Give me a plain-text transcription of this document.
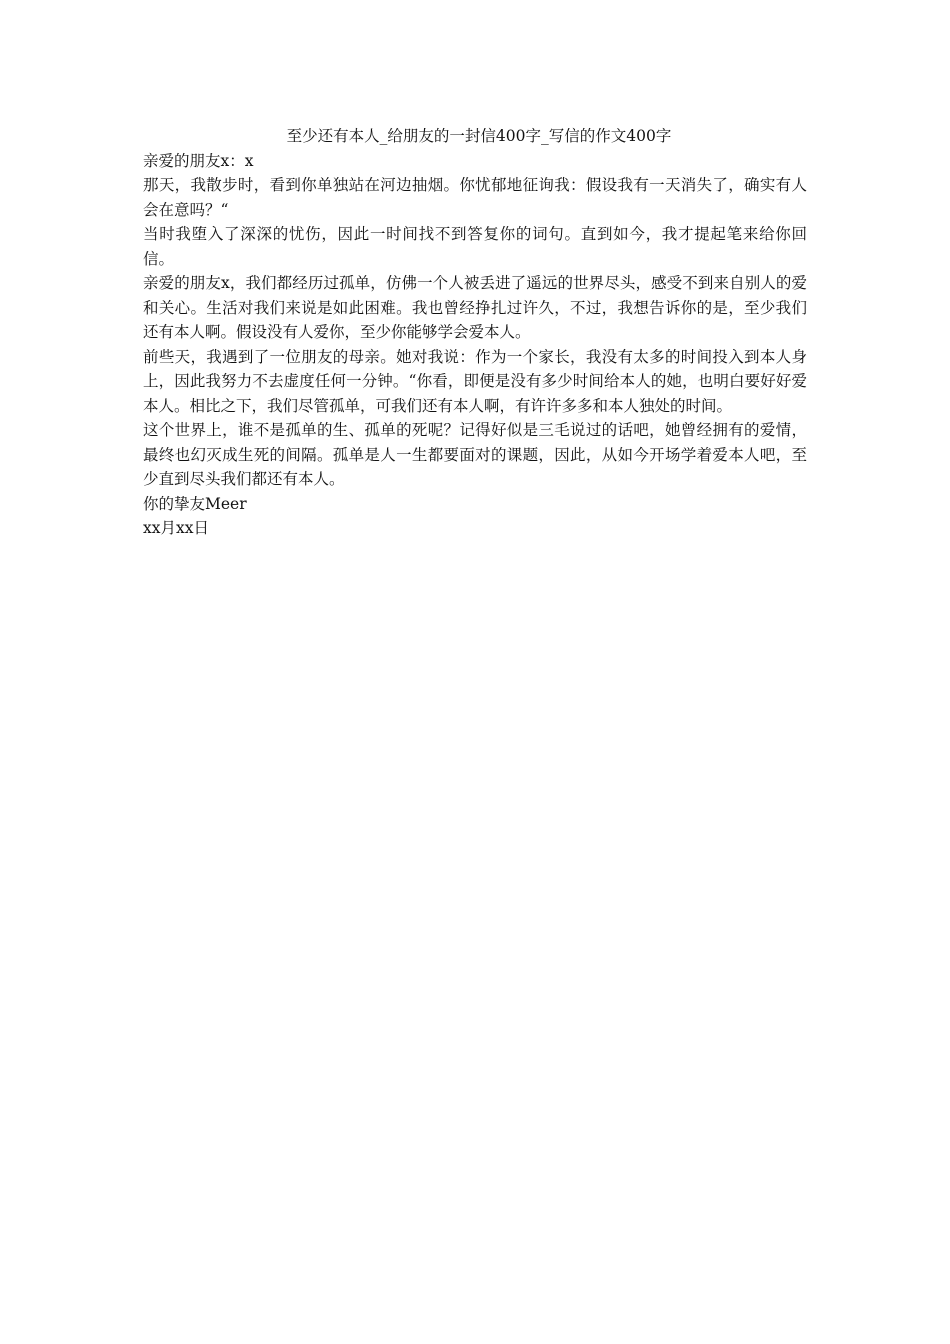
至少还有本人_给朋友的一封信400字_写信的作文400字

亲爱的朋友x：x

那天，我散步时，看到你单独站在河边抽烟。你忧郁地征询我：假设我有一天消失了，确实有人会在意吗？“

当时我堕入了深深的忧伤，因此一时间找不到答复你的词句。直到如今，我才提起笔来给你回信。

亲爱的朋友x，我们都经历过孤单，仿佛一个人被丢进了遥远的世界尽头，感受不到来自别人的爱和关心。生活对我们来说是如此困难。我也曾经挣扎过许久，不过，我想告诉你的是，至少我们还有本人啊。假设没有人爱你，至少你能够学会爱本人。

前些天，我遇到了一位朋友的母亲。她对我说：作为一个家长，我没有太多的时间投入到本人身上，因此我努力不去虚度任何一分钟。“你看，即便是没有多少时间给本人的她，也明白要好好爱本人。相比之下，我们尽管孤单，可我们还有本人啊，有许许多多和本人独处的时间。

这个世界上，谁不是孤单的生、孤单的死呢？记得好似是三毛说过的话吧，她曾经拥有的爱情，最终也幻灭成生死的间隔。孤单是人一生都要面对的课题，因此，从如今开场学着爱本人吧，至少直到尽头我们都还有本人。

你的挚友Meer

xx月xx日
